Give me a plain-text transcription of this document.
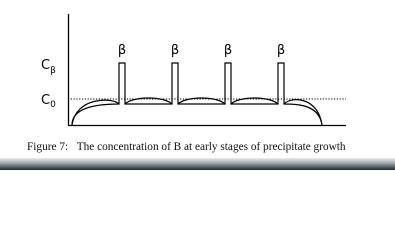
$C_\beta$
$C_0$
β	β	β	β
Figure 7: The concentration of B at early stages of precipitate growth
